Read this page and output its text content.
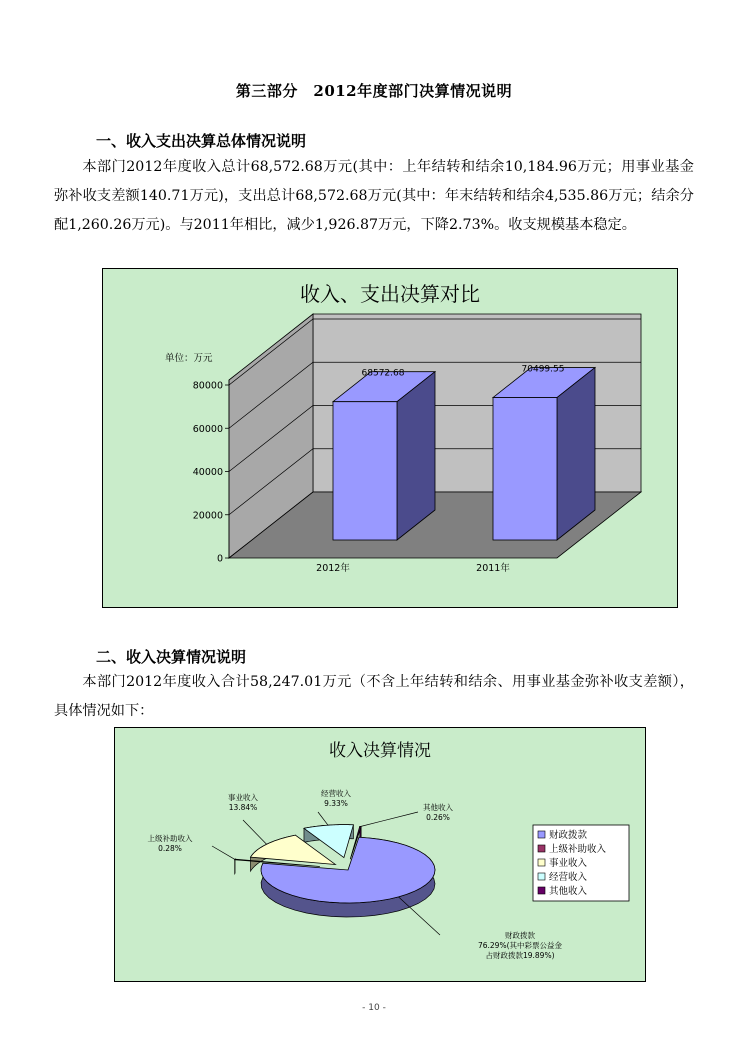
第三部分　2012年度部门决算情况说明
一、收入支出决算总体情况说明
本部门2012年度收入总计68,572.68万元(其中：上年结转和结余10,184.96万元；用事业基金弥补收支差额140.71万元)，支出总计68,572.68万元(其中：年末结转和结余4,535.86万元；结余分配1,260.26万元)。与2011年相比，减少1,926.87万元，下降2.73%。收支规模基本稳定。
收入、支出决算对比
单位：万元
0
20000
40000
60000
80000
68572.68
2012年
70499.55
2011年
二、收入决算情况说明
本部门2012年度收入合计58,247.01万元（不含上年结转和结余、用事业基金弥补收支差额），具体情况如下：
收入决算情况
财政拨款
76.29%(其中彩票公益金
占财政拨款19.89%)
上级补助收入
0.28%
事业收入
13.84%
经营收入
9.33%	其他收入
0.26%
财政拨款
上级补助收入
事业收入
经营收入
其他收入
- 10 -
